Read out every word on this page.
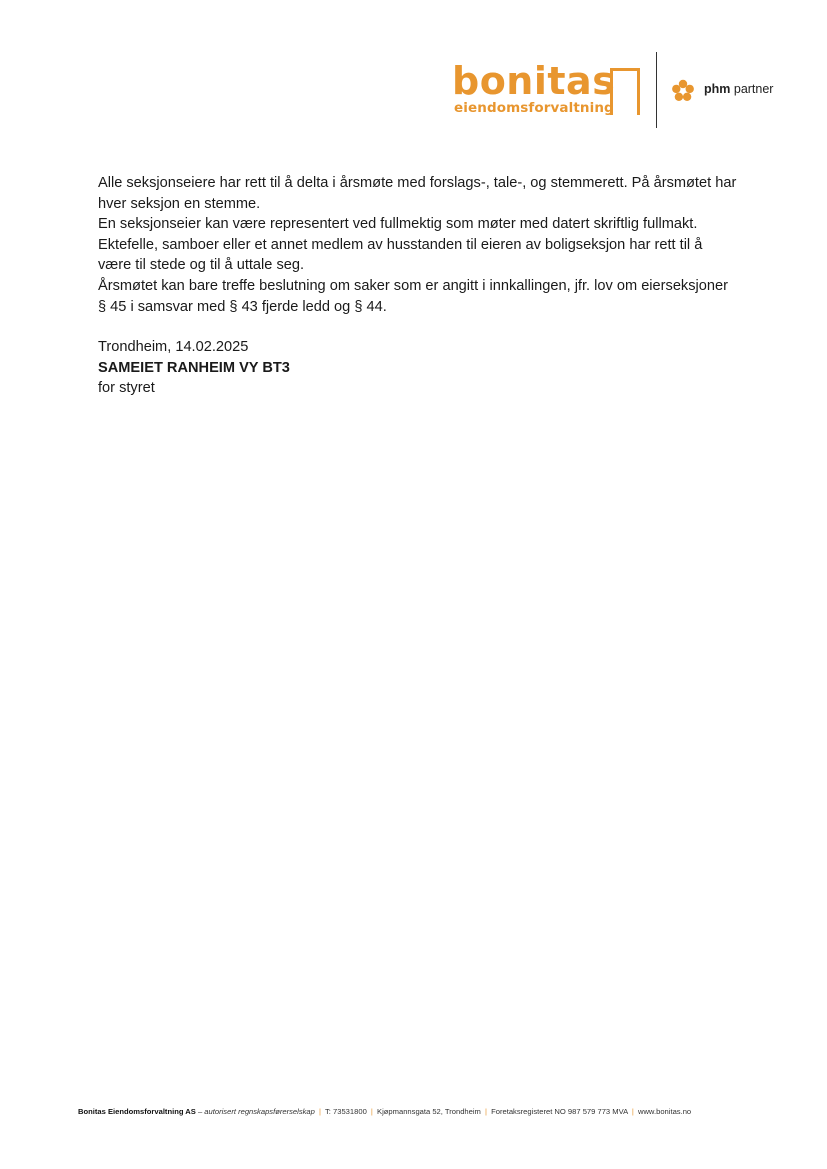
bonitas
eiendomsforvaltning
phm partner

Alle seksjonseiere har rett til å delta i årsmøte med forslags-, tale-, og stemmerett. På årsmøtet har hver seksjon en stemme.

En seksjonseier kan være representert ved fullmektig som møter med datert skriftlig fullmakt. Ektefelle, samboer eller et annet medlem av husstanden til eieren av boligseksjon har rett til å være til stede og til å uttale seg.

Årsmøtet kan bare treffe beslutning om saker som er angitt i innkallingen, jfr. lov om eierseksjoner § 45 i samsvar med § 43 fjerde ledd og § 44.

Trondheim, 14.02.2025

SAMEIET RANHEIM VY BT3

for styret

Bonitas Eiendomsforvaltning AS – autorisert regnskapsførerselskap | T: 73531800 | Kjøpmannsgata 52, Trondheim | Foretaksregisteret NO 987 579 773 MVA | www.bonitas.no
